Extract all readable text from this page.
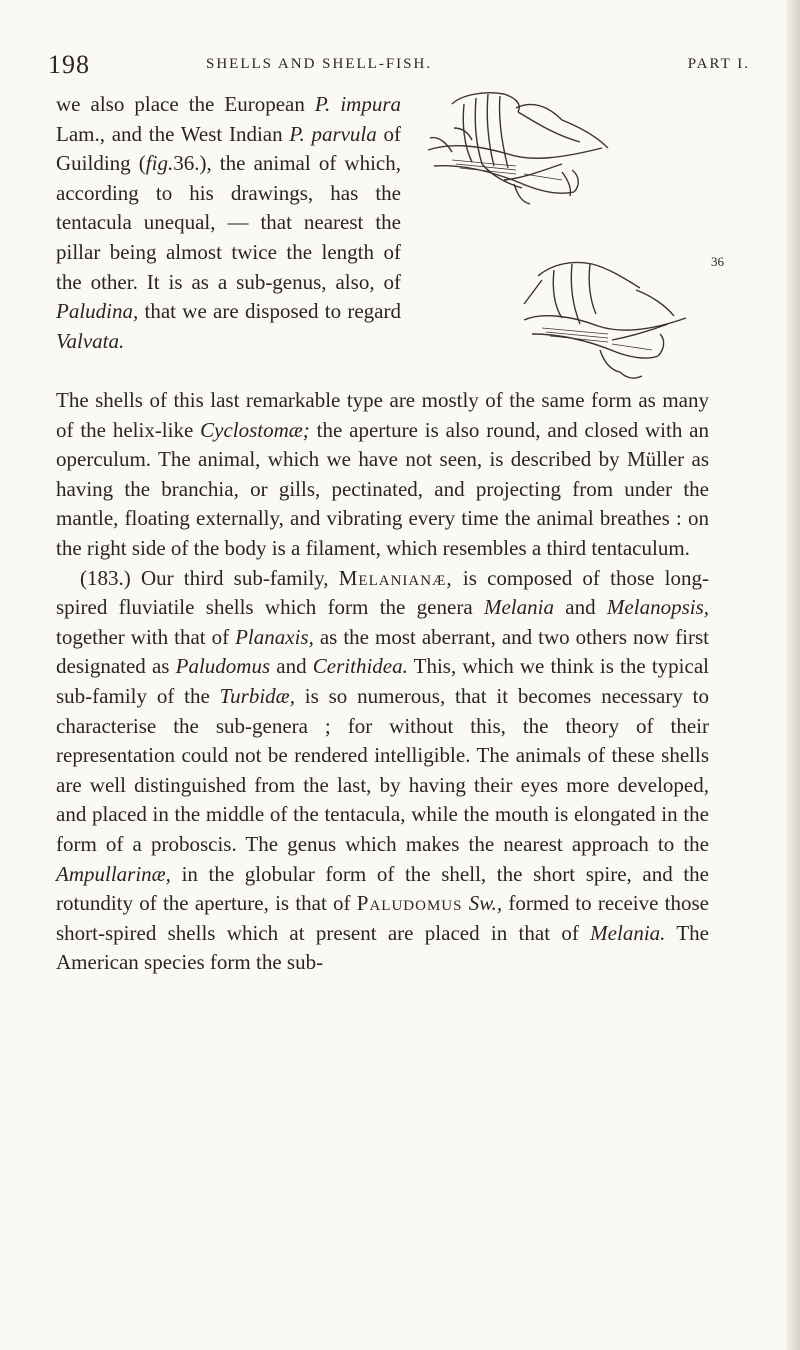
198	SHELLS AND SHELL-FISH.	PART I.

we also place the European P. impura Lam., and the West Indian P. parvula of Guilding (fig.36.), the animal of which, according to his drawings, has the tentacula unequal, — that nearest the pillar being almost twice the length of the other. It is as a sub-genus, also, of Paludina, that we are disposed to regard Valvata.

36

The shells of this last remarkable type are mostly of the same form as many of the helix-like Cyclostomæ; the aperture is also round, and closed with an operculum. The animal, which we have not seen, is described by Müller as having the branchia, or gills, pectinated, and projecting from under the mantle, floating externally, and vibrating every time the animal breathes : on the right side of the body is a filament, which resembles a third tentaculum.

(183.) Our third sub-family, Melanianæ, is composed of those long-spired fluviatile shells which form the genera Melania and Melanopsis, together with that of Planaxis, as the most aberrant, and two others now first designated as Paludomus and Cerithidea. This, which we think is the typical sub-family of the Turbidæ, is so numerous, that it becomes necessary to characterise the sub-genera ; for without this, the theory of their representation could not be rendered intelligible. The animals of these shells are well distinguished from the last, by having their eyes more developed, and placed in the middle of the tentacula, while the mouth is elongated in the form of a proboscis. The genus which makes the nearest approach to the Ampullarinæ, in the globular form of the shell, the short spire, and the rotundity of the aperture, is that of Paludomus Sw., formed to receive those short-spired shells which at present are placed in that of Melania. The American species form the sub-
